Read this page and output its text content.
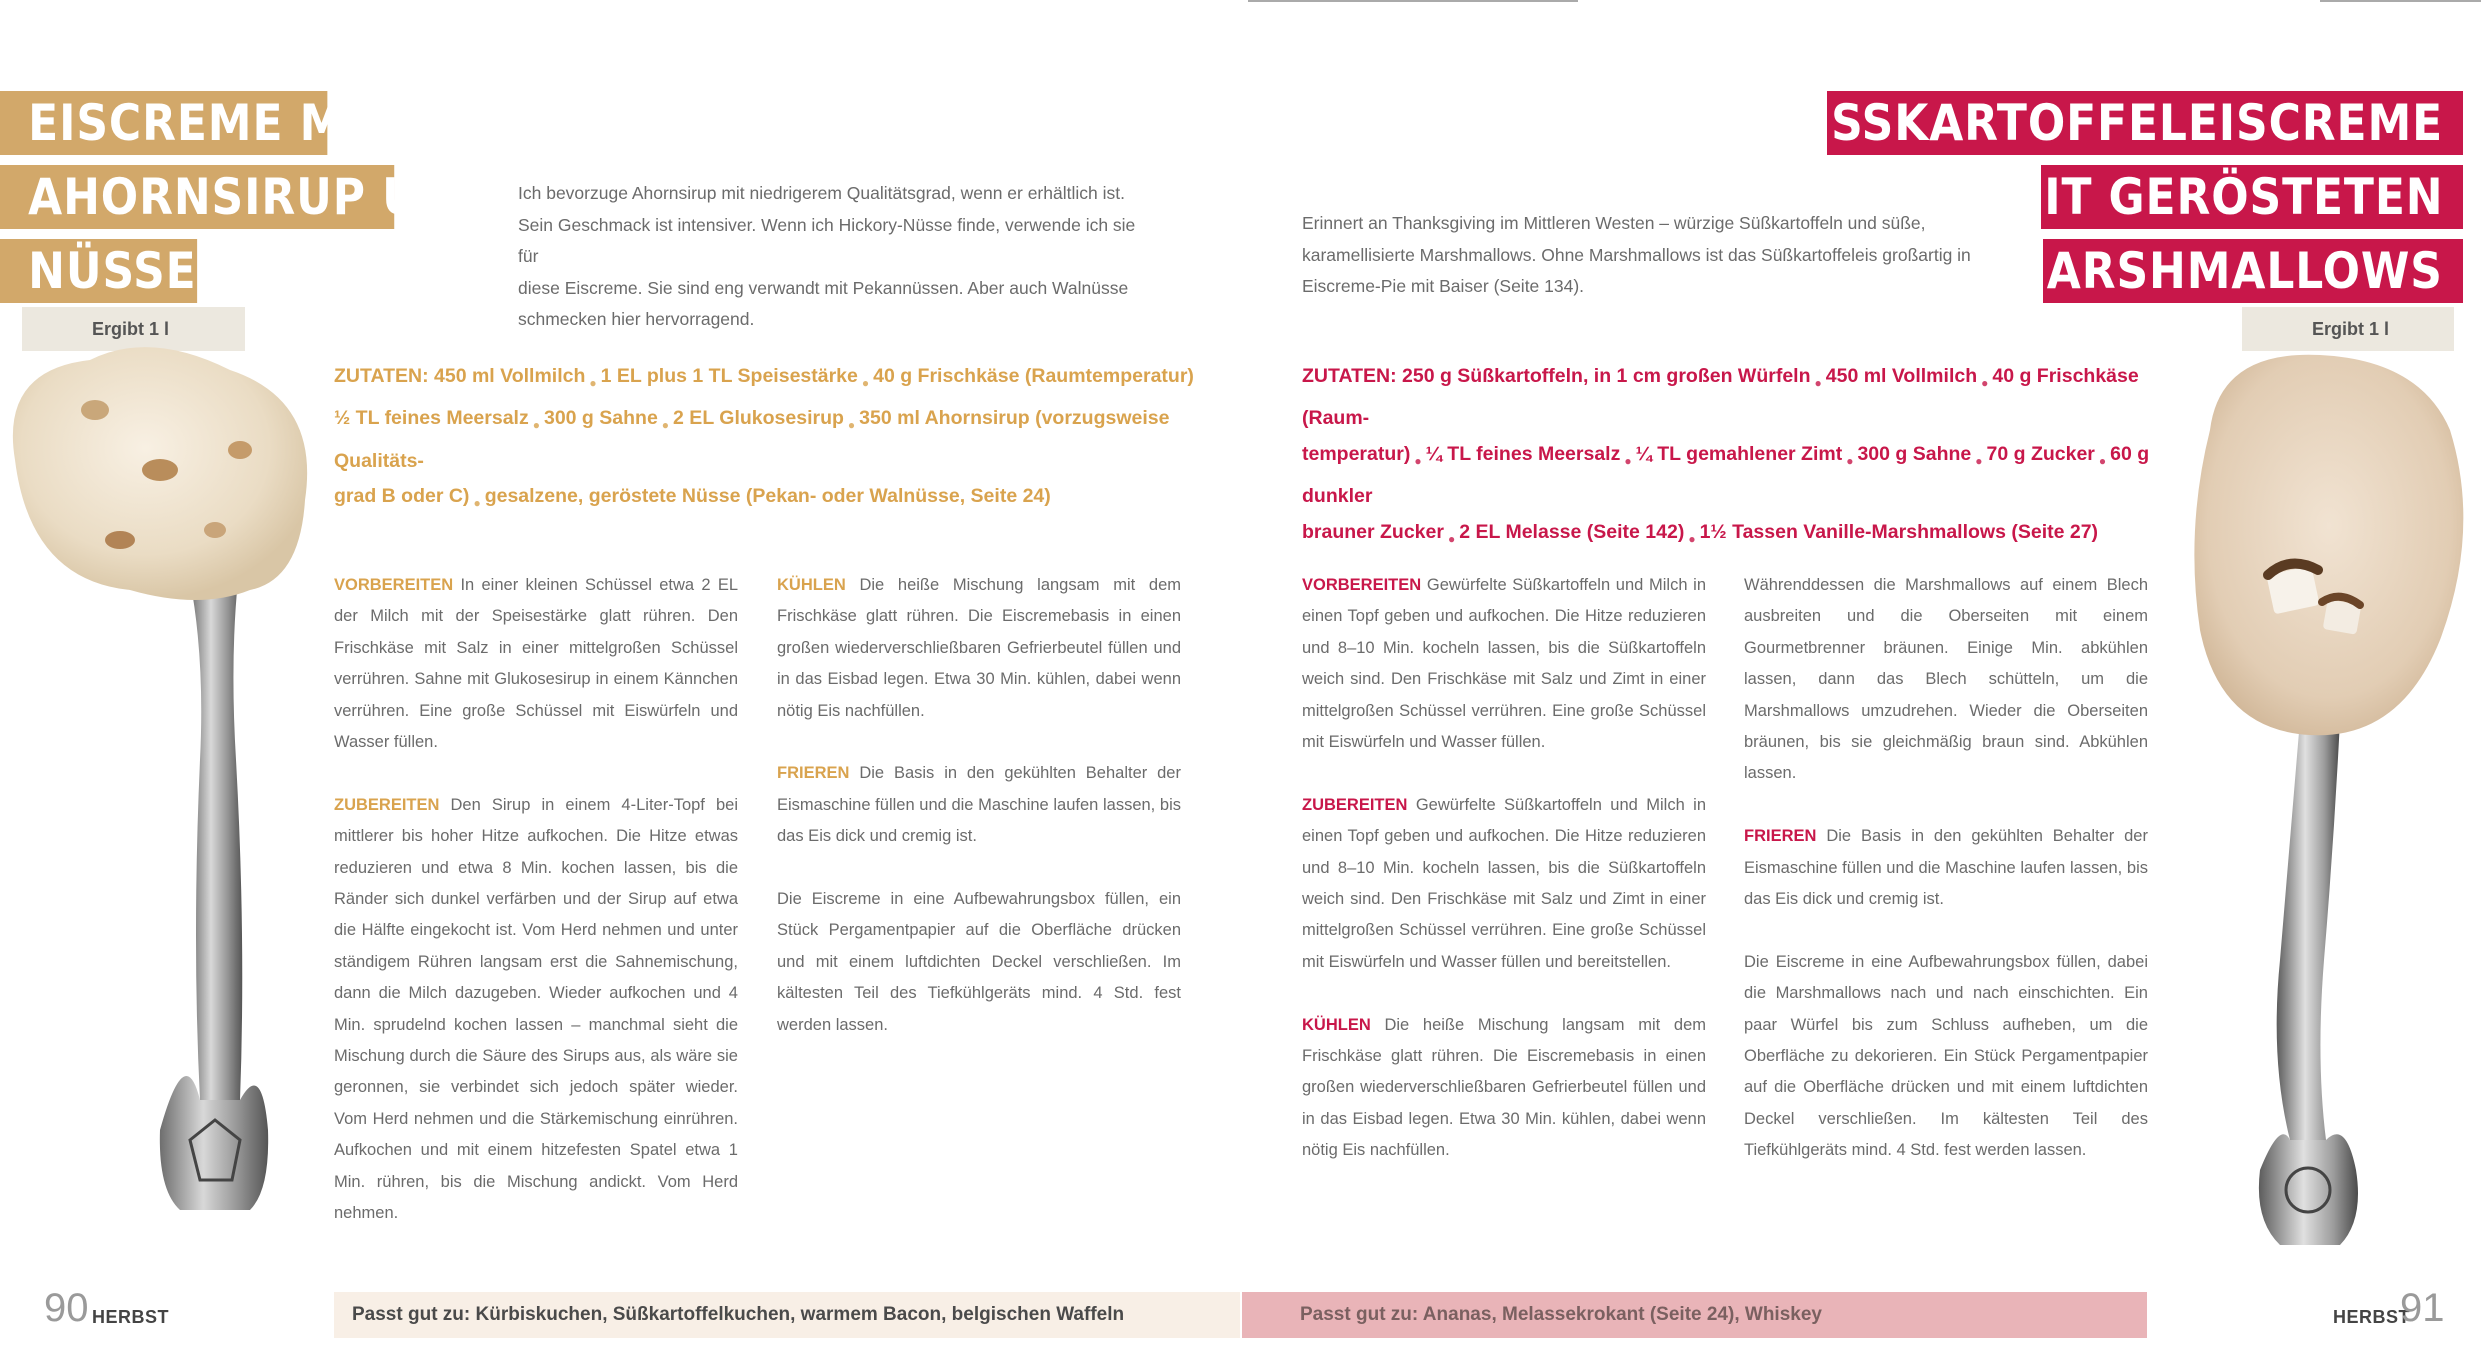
EISCREME MIT
AHORNSIRUP UND
NÜSSEN
Ergibt 1 l
Ich bevorzuge Ahornsirup mit niedrigerem Qualitätsgrad, wenn er erhältlich ist.
Sein Geschmack ist intensiver. Wenn ich Hickory-Nüsse finde, verwende ich sie für
diese Eiscreme. Sie sind eng verwandt mit Pekannüssen. Aber auch Walnüsse
schmecken hier hervorragend.
ZUTATEN: 450 ml Vollmilch $_●$ 1 EL plus 1 TL Speisestärke $_●$ 40 g Frischkäse (Raumtemperatur)
½ TL feines Meersalz $_●$ 300 g Sahne $_●$ 2 EL Glukosesirup $_●$ 350 ml Ahornsirup (vorzugsweise Qualitäts-
grad B oder C) $_●$ gesalzene, geröstete Nüsse (Pekan- oder Walnüsse, Seite 24)

VORBEREITEN In einer kleinen Schüssel etwa 2 EL der Milch mit der Speisestärke glatt rühren. Den Frischkäse mit Salz in einer mittelgroßen Schüssel verrühren. Sahne mit Glukosesirup in einem Kännchen verrühren. Eine große Schüssel mit Eiswürfeln und Wasser füllen.

ZUBEREITEN Den Sirup in einem 4-Liter-Topf bei mittlerer bis hoher Hitze aufkochen. Die Hitze etwas reduzieren und etwa 8 Min. kochen lassen, bis die Ränder sich dunkel verfärben und der Sirup auf etwa die Hälfte eingekocht ist. Vom Herd nehmen und unter ständigem Rühren langsam erst die Sahnemischung, dann die Milch dazugeben. Wieder aufkochen und 4 Min. sprudelnd kochen lassen – manchmal sieht die Mischung durch die Säure des Sirups aus, als wäre sie geronnen, sie verbindet sich jedoch später wieder. Vom Herd nehmen und die Stärkemischung einrühren. Aufkochen und mit einem hitzefesten Spatel etwa 1 Min. rühren, bis die Mischung andickt. Vom Herd nehmen.

KÜHLEN Die heiße Mischung langsam mit dem Frischkäse glatt rühren. Die Eiscremebasis in einen großen wiederverschließbaren Gefrierbeutel füllen und in das Eisbad legen. Etwa 30 Min. kühlen, dabei wenn nötig Eis nachfüllen.

FRIEREN Die Basis in den gekühlten Behalter der Eismaschine füllen und die Maschine laufen lassen, bis das Eis dick und cremig ist.

Die Eiscreme in eine Aufbewahrungsbox füllen, ein Stück Pergamentpapier auf die Oberfläche drücken und mit einem luftdichten Deckel verschließen. Im kältesten Teil des Tiefkühlgeräts mind. 4 Std. fest werden lassen.

Passt gut zu: Kürbiskuchen, Süßkartoffelkuchen, warmem Bacon, belgischen Waffeln
90 HERBST
SÜSSKARTOFFELEISCREME
MIT GERÖSTETEN
MARSHMALLOWS
Ergibt 1 l
Erinnert an Thanksgiving im Mittleren Westen – würzige Süßkartoffeln und süße,
karamellisierte Marshmallows. Ohne Marshmallows ist das Süßkartoffeleis großartig in
Eiscreme-Pie mit Baiser (Seite 134).
ZUTATEN: 250 g Süßkartoffeln, in 1 cm großen Würfeln $_●$ 450 ml Vollmilch $_●$ 40 g Frischkäse (Raum-
temperatur) $_●$ ¼ TL feines Meersalz $_●$ ¼ TL gemahlener Zimt $_●$ 300 g Sahne $_●$ 70 g Zucker $_●$ 60 g dunkler
brauner Zucker $_●$ 2 EL Melasse (Seite 142) $_●$ 1½ Tassen Vanille-Marshmallows (Seite 27)

VORBEREITEN Gewürfelte Süßkartoffeln und Milch in einen Topf geben und aufkochen. Die Hitze reduzieren und 8–10 Min. kocheln lassen, bis die Süßkartoffeln weich sind. Den Frischkäse mit Salz und Zimt in einer mittelgroßen Schüssel verrühren. Eine große Schüssel mit Eiswürfeln und Wasser füllen.

ZUBEREITEN Gewürfelte Süßkartoffeln und Milch in einen Topf geben und aufkochen. Die Hitze reduzieren und 8–10 Min. kocheln lassen, bis die Süßkartoffeln weich sind. Den Frischkäse mit Salz und Zimt in einer mittelgroßen Schüssel verrühren. Eine große Schüssel mit Eiswürfeln und Wasser füllen und bereitstellen.

KÜHLEN Die heiße Mischung langsam mit dem Frischkäse glatt rühren. Die Eiscremebasis in einen großen wiederverschließbaren Gefrierbeutel füllen und in das Eisbad legen. Etwa 30 Min. kühlen, dabei wenn nötig Eis nachfüllen.

Währenddessen die Marshmallows auf einem Blech ausbreiten und die Oberseiten mit einem Gourmetbrenner bräunen. Einige Min. abkühlen lassen, dann das Blech schütteln, um die Marshmallows umzudrehen. Wieder die Oberseiten bräunen, bis sie gleichmäßig braun sind. Abkühlen lassen.

FRIEREN Die Basis in den gekühlten Behalter der Eismaschine füllen und die Maschine laufen lassen, bis das Eis dick und cremig ist.

Die Eiscreme in eine Aufbewahrungsbox füllen, dabei die Marshmallows nach und nach einschichten. Ein paar Würfel bis zum Schluss aufheben, um die Oberfläche zu dekorieren. Ein Stück Pergamentpapier auf die Oberfläche drücken und mit einem luftdichten Deckel verschließen. Im kältesten Teil des Tiefkühlgeräts mind. 4 Std. fest werden lassen.

Passt gut zu: Ananas, Melassekrokant (Seite 24), Whiskey	HERBST
91
